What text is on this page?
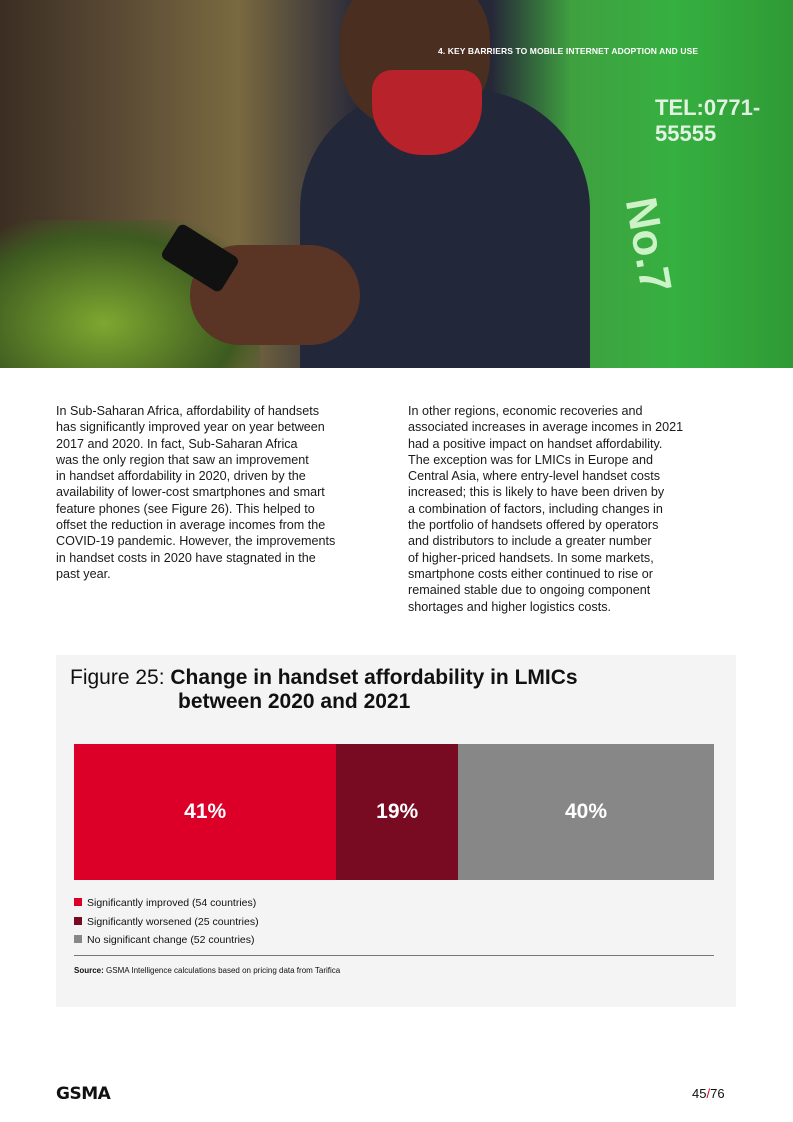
TEL:0771-55555
No.7
4. KEY BARRIERS TO MOBILE INTERNET ADOPTION AND USE
In Sub-Saharan Africa, affordability of handsets
has significantly improved year on year between
2017 and 2020. In fact, Sub-Saharan Africa
was the only region that saw an improvement
in handset affordability in 2020, driven by the
availability of lower-cost smartphones and smart
feature phones (see Figure 26). This helped to
offset the reduction in average incomes from the
COVID-19 pandemic. However, the improvements
in handset costs in 2020 have stagnated in the
past year.
In other regions, economic recoveries and
associated increases in average incomes in 2021
had a positive impact on handset affordability.
The exception was for LMICs in Europe and
Central Asia, where entry-level handset costs
increased; this is likely to have been driven by
a combination of factors, including changes in
the portfolio of handsets offered by operators
and distributors to include a greater number
of higher-priced handsets. In some markets,
smartphone costs either continued to rise or
remained stable due to ongoing component
shortages and higher logistics costs.
Figure 25: Change in handset affordability in LMICs
between 2020 and 2021
41%	19%	40%
Significantly improved (54 countries)
Significantly worsened (25 countries)
No significant change (52 countries)
Source: GSMA Intelligence calculations based on pricing data from Tarifica
GSMA	45/76
